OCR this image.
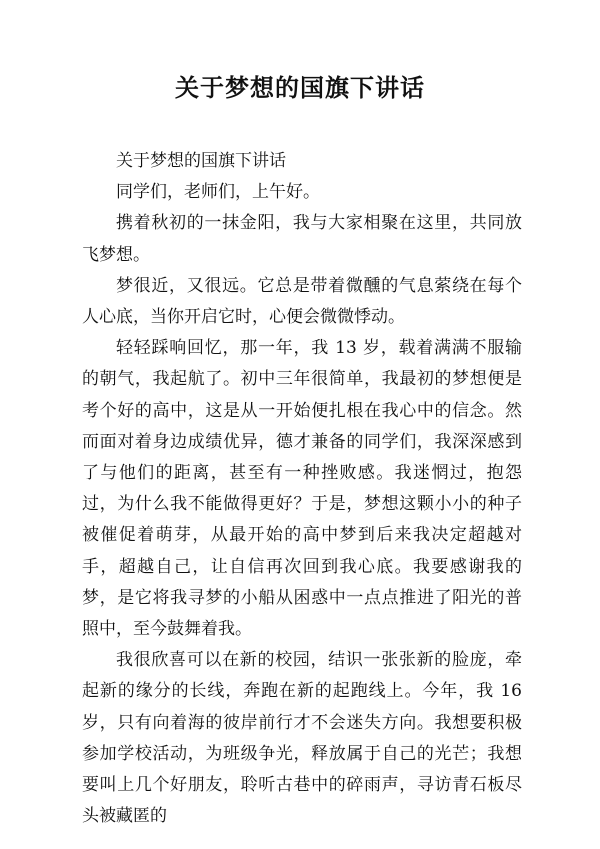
关于梦想的国旗下讲话

关于梦想的国旗下讲话

同学们，老师们，上午好。

携着秋初的一抹金阳，我与大家相聚在这里，共同放飞梦想。

梦很近，又很远。它总是带着微醺的气息萦绕在每个人心底，当你开启它时，心便会微微悸动。

轻轻踩响回忆，那一年，我 13 岁，载着满满不服输的朝气，我起航了。初中三年很简单，我最初的梦想便是考个好的高中，这是从一开始便扎根在我心中的信念。然而面对着身边成绩优异，德才兼备的同学们，我深深感到了与他们的距离，甚至有一种挫败感。我迷惘过，抱怨过，为什么我不能做得更好？于是，梦想这颗小小的种子被催促着萌芽，从最开始的高中梦到后来我决定超越对手，超越自己，让自信再次回到我心底。我要感谢我的梦，是它将我寻梦的小船从困惑中一点点推进了阳光的普照中，至今鼓舞着我。

我很欣喜可以在新的校园，结识一张张新的脸庞，牵起新的缘分的长线，奔跑在新的起跑线上。今年，我 16 岁，只有向着海的彼岸前行才不会迷失方向。我想要积极参加学校活动，为班级争光，释放属于自己的光芒；我想要叫上几个好朋友，聆听古巷中的碎雨声，寻访青石板尽头被藏匿的
